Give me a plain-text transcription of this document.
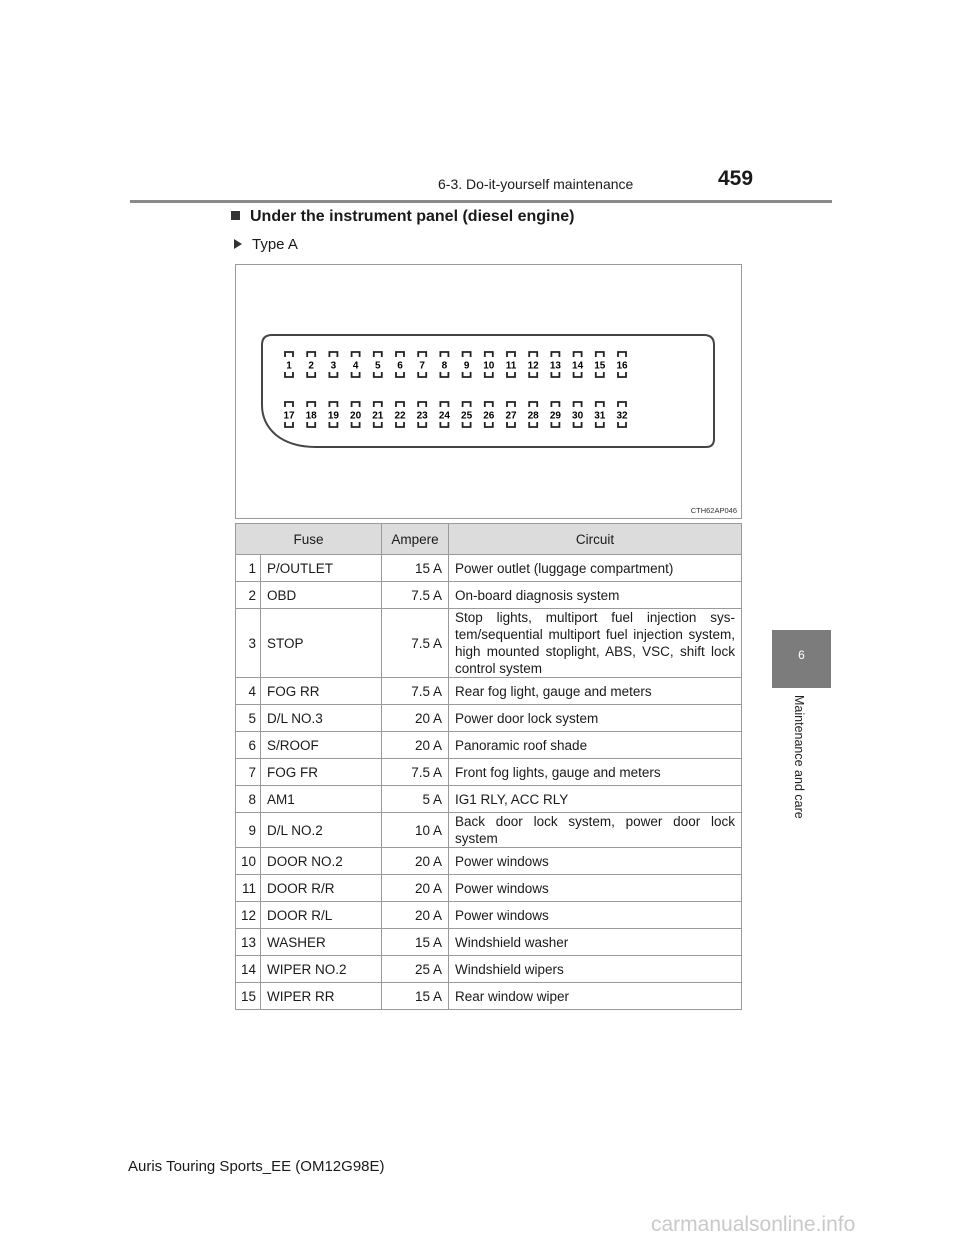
6-3. Do-it-yourself maintenance	459
Under the instrument panel (diesel engine)
Type A
1 2 3 4 5 6 7 8 9 10 11 12 13 14 15 16
17 18 19 20 21 22 23 24 25 26 27 28 29 30 31 32
CTH62AP046
Fuse		Ampere	Circuit
1	P/OUTLET	15 A	Power outlet (luggage compartment)
2	OBD	7.5 A	On-board diagnosis system
3	STOP	7.5 A	Stop lights, multiport fuel injection sys-tem/sequential multiport fuel injection system, high mounted stoplight, ABS, VSC, shift lock control system
4	FOG RR	7.5 A	Rear fog light, gauge and meters
5	D/L NO.3	20 A	Power door lock system
6	S/ROOF	20 A	Panoramic roof shade
7	FOG FR	7.5 A	Front fog lights, gauge and meters
8	AM1	5 A	IG1 RLY, ACC RLY
9	D/L NO.2	10 A	Back door lock system, power door lock system
10	DOOR NO.2	20 A	Power windows
11	DOOR R/R	20 A	Power windows
12	DOOR R/L	20 A	Power windows
13	WASHER	15 A	Windshield washer
14	WIPER NO.2	25 A	Windshield wipers
15	WIPER RR	15 A	Rear window wiper
6
Maintenance and care
Auris Touring Sports_EE (OM12G98E)
carmanualsonline.info
